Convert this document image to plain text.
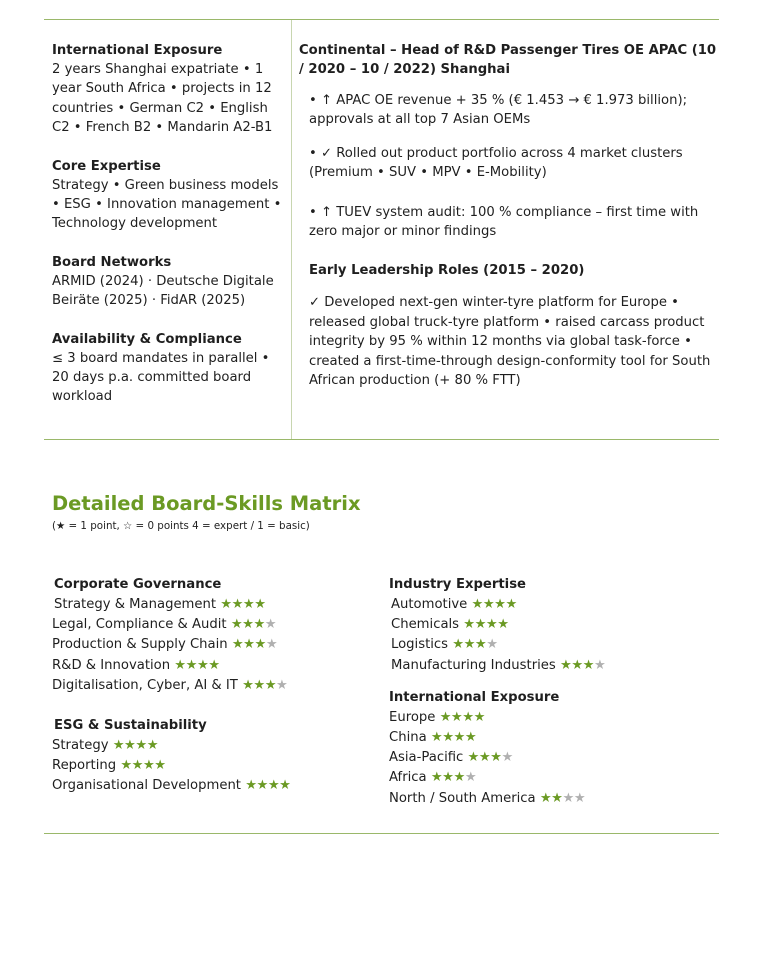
International Exposure
2 years Shanghai expatriate • 1 year South Africa • projects in 12 countries • German C2 • English C2 • French B2 • Mandarin A2-B1
Core Expertise
Strategy • Green business models • ESG • Innovation management • Technology development
Board Networks
ARMID (2024) · Deutsche Digitale Beiräte (2025) · FidAR (2025)
Availability & Compliance
≤ 3 board mandates in parallel • 20 days p.a. committed board workload
Continental – Head of R&D Passenger Tires OE APAC (10 / 2020 – 10 / 2022) Shanghai
• ↑ APAC OE revenue + 35 % (€ 1.453 → € 1.973 billion); approvals at all top 7 Asian OEMs
• ✓ Rolled out product portfolio across 4 market clusters (Premium • SUV • MPV • E-Mobility)
• ↑ TUEV system audit: 100 % compliance – first time with zero major or minor findings
Early Leadership Roles (2015 – 2020)
✓ Developed next-gen winter-tyre platform for Europe • released global truck-tyre platform • raised carcass product integrity by 95 % within 12 months via global task-force • created a first-time-through design-conformity tool for South African production (+ 80 % FTT)
Detailed Board-Skills Matrix
(★ = 1 point, ☆ = 0 points 4 = expert / 1 = basic)
Corporate Governance
Strategy & Management ★★★★
Legal, Compliance & Audit ★★★★
Production & Supply Chain ★★★★
R&D & Innovation ★★★★
Digitalisation, Cyber, AI & IT ★★★★
ESG & Sustainability
Strategy ★★★★
Reporting ★★★★
Organisational Development ★★★★
Industry Expertise
Automotive ★★★★
Chemicals ★★★★
Logistics ★★★★
Manufacturing Industries ★★★★
International Exposure
Europe ★★★★
China ★★★★
Asia-Pacific ★★★★
Africa ★★★★
North / South America ★★★★
